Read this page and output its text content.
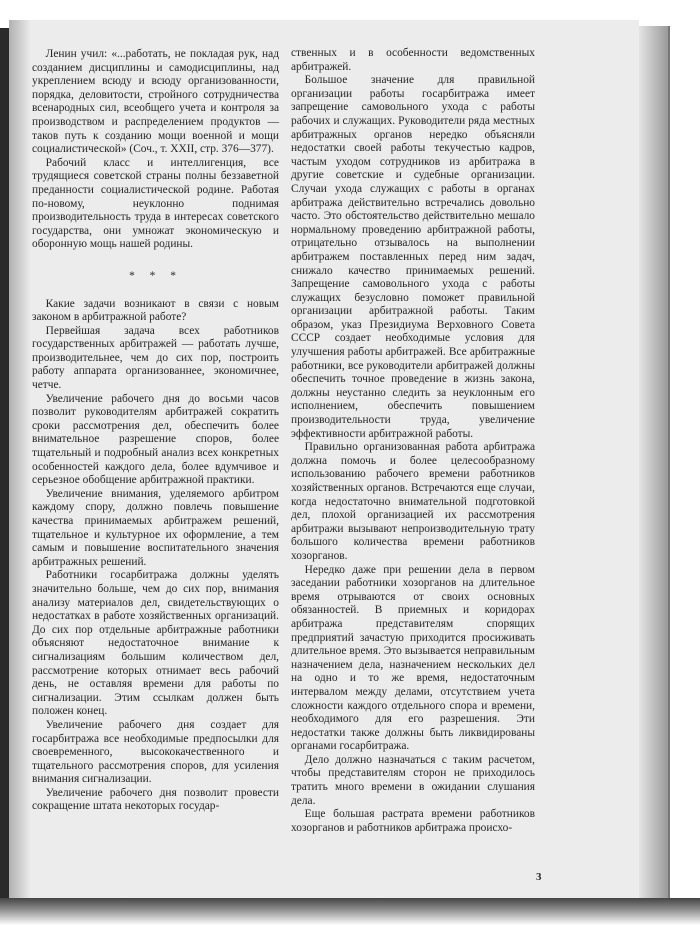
Ленин учил: «...работать, не покладая рук, над созданием дисциплины и самодисциплины, над укреплением всюду и всюду организованности, порядка, деловитости, стройного сотрудничества всенародных сил, всеобщего учета и контроля за производством и распределением продуктов — таков путь к созданию мощи военной и мощи социалистической» (Соч., т. XXII, стр. 376—377).

Рабочий класс и интеллигенция, все трудящиеся советской страны полны беззаветной преданности социалистической родине. Работая по-новому, неуклонно поднимая производительность труда в интересах советского государства, они умножат экономическую и оборонную мощь нашей родины.

* * *

Какие задачи возникают в связи с новым законом в арбитражной работе?

Первейшая задача всех работников государственных арбитражей — работать лучше, производительнее, чем до сих пор, построить работу аппарата организованнее, экономичнее, четче.

Увеличение рабочего дня до восьми часов позволит руководителям арбитражей сократить сроки рассмотрения дел, обеспечить более внимательное разрешение споров, более тщательный и подробный анализ всех конкретных особенностей каждого дела, более вдумчивое и серьезное обобщение арбитражной практики.

Увеличение внимания, уделяемого арбитром каждому спору, должно повлечь повышение качества принимаемых арбитражем решений, тщательное и культурное их оформление, а тем самым и повышение воспитательного значения арбитражных решений.

Работники госарбитража должны уделять значительно больше, чем до сих пор, внимания анализу материалов дел, свидетельствующих о недостатках в работе хозяйственных организаций. До сих пор отдельные арбитражные работники объясняют недостаточное внимание к сигнализациям большим количеством дел, рассмотрение которых отнимает весь рабочий день, не оставляя времени для работы по сигнализации. Этим ссылкам должен быть положен конец.

Увеличение рабочего дня создает для госарбитража все необходимые предпосылки для своевременного, высококачественного и тщательного рассмотрения споров, для усиления внимания сигнализации.

Увеличение рабочего дня позволит провести сокращение штата некоторых государ-

ственных и в особенности ведомственных арбитражей.

Большое значение для правильной организации работы госарбитража имеет запрещение самовольного ухода с работы рабочих и служащих. Руководители ряда местных арбитражных органов нередко объясняли недостатки своей работы текучестью кадров, частым уходом сотрудников из арбитража в другие советские и судебные организации. Случаи ухода служащих с работы в органах арбитража действительно встречались довольно часто. Это обстоятельство действительно мешало нормальному проведению арбитражной работы, отрицательно отзывалось на выполнении арбитражем поставленных перед ним задач, снижало качество принимаемых решений. Запрещение самовольного ухода с работы служащих безусловно поможет правильной организации арбитражной работы. Таким образом, указ Президиума Верховного Совета СССР создает необходимые условия для улучшения работы арбитражей. Все арбитражные работники, все руководители арбитражей должны обеспечить точное проведение в жизнь закона, должны неустанно следить за неуклонным его исполнением, обеспечить повышением производительности труда, увеличение эффективности арбитражной работы.

Правильно организованная работа арбитража должна помочь и более целесообразному использованию рабочего времени работников хозяйственных органов. Встречаются еще случаи, когда недостаточно внимательной подготовкой дел, плохой организацией их рассмотрения арбитражи вызывают непроизводительную трату большого количества времени работников хозорганов.

Нередко даже при решении дела в первом заседании работники хозорганов на длительное время отрываются от своих основных обязанностей. В приемных и коридорах арбитража представителям спорящих предприятий зачастую приходится просиживать длительное время. Это вызывается неправильным назначением дела, назначением нескольких дел на одно и то же время, недостаточным интервалом между делами, отсутствием учета сложности каждого отдельного спора и времени, необходимого для его разрешения. Эти недостатки также должны быть ликвидированы органами госарбитража.

Дело должно назначаться с таким расчетом, чтобы представителям сторон не приходилось тратить много времени в ожидании слушания дела.

Еще большая растрата времени работников хозорганов и работников арбитража происхо-

3
